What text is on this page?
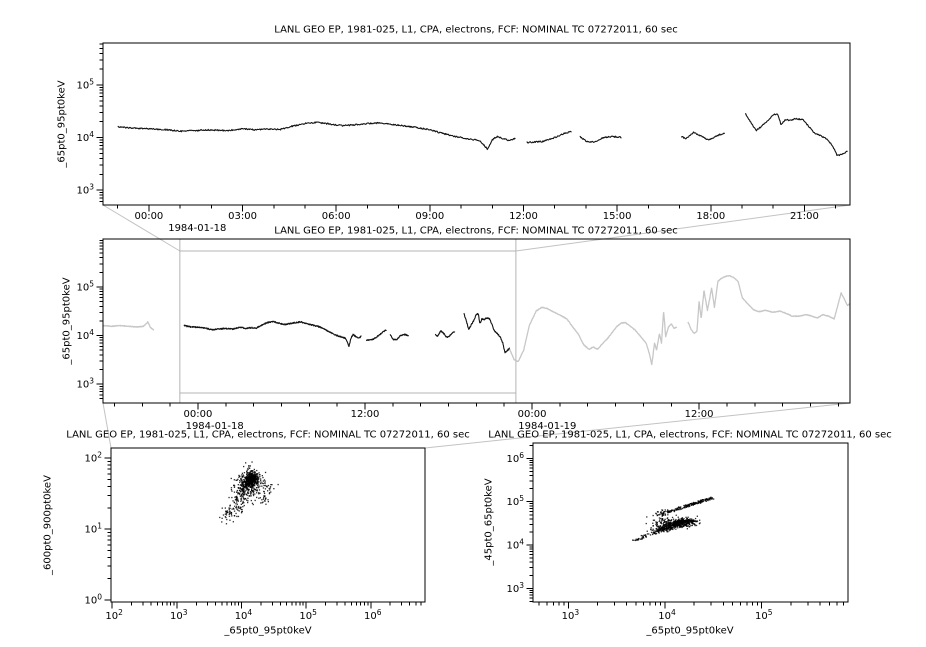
$10^3$
$10^4$
$10^5$
00:00	03:00	06:00	09:00	12:00	15:00	18:00	21:00
1984-01-18
$10^3$
$10^4$
$10^5$
00:00	12:00	00:00	12:00
1984-01-18	1984-01-19
$10^0$
$10^1$
$10^2$
$10^2$	$10^3$	$10^4$	$10^5$	$10^6$
$10^3$
$10^4$
$10^5$
$10^6$
$10^3$	$10^4$	$10^5$
LANL GEO EP, 1981-025, L1, CPA, electrons, FCF: NOMINAL TC 07272011, 60 sec
LANL GEO EP, 1981-025, L1, CPA, electrons, FCF: NOMINAL TC 07272011, 60 sec
LANL GEO EP, 1981-025, L1, CPA, electrons, FCF: NOMINAL TC 07272011, 60 sec LANL GEO EP, 1981-025, L1, CPA, electrons, FCF: NOMINAL TC 07272011, 60 sec
_65pt0_95pt0keV
_65pt0_95pt0keV
_600pt0_900pt0keV	_45pt0_65pt0keV
_65pt0_95pt0keV	_65pt0_95pt0keV
